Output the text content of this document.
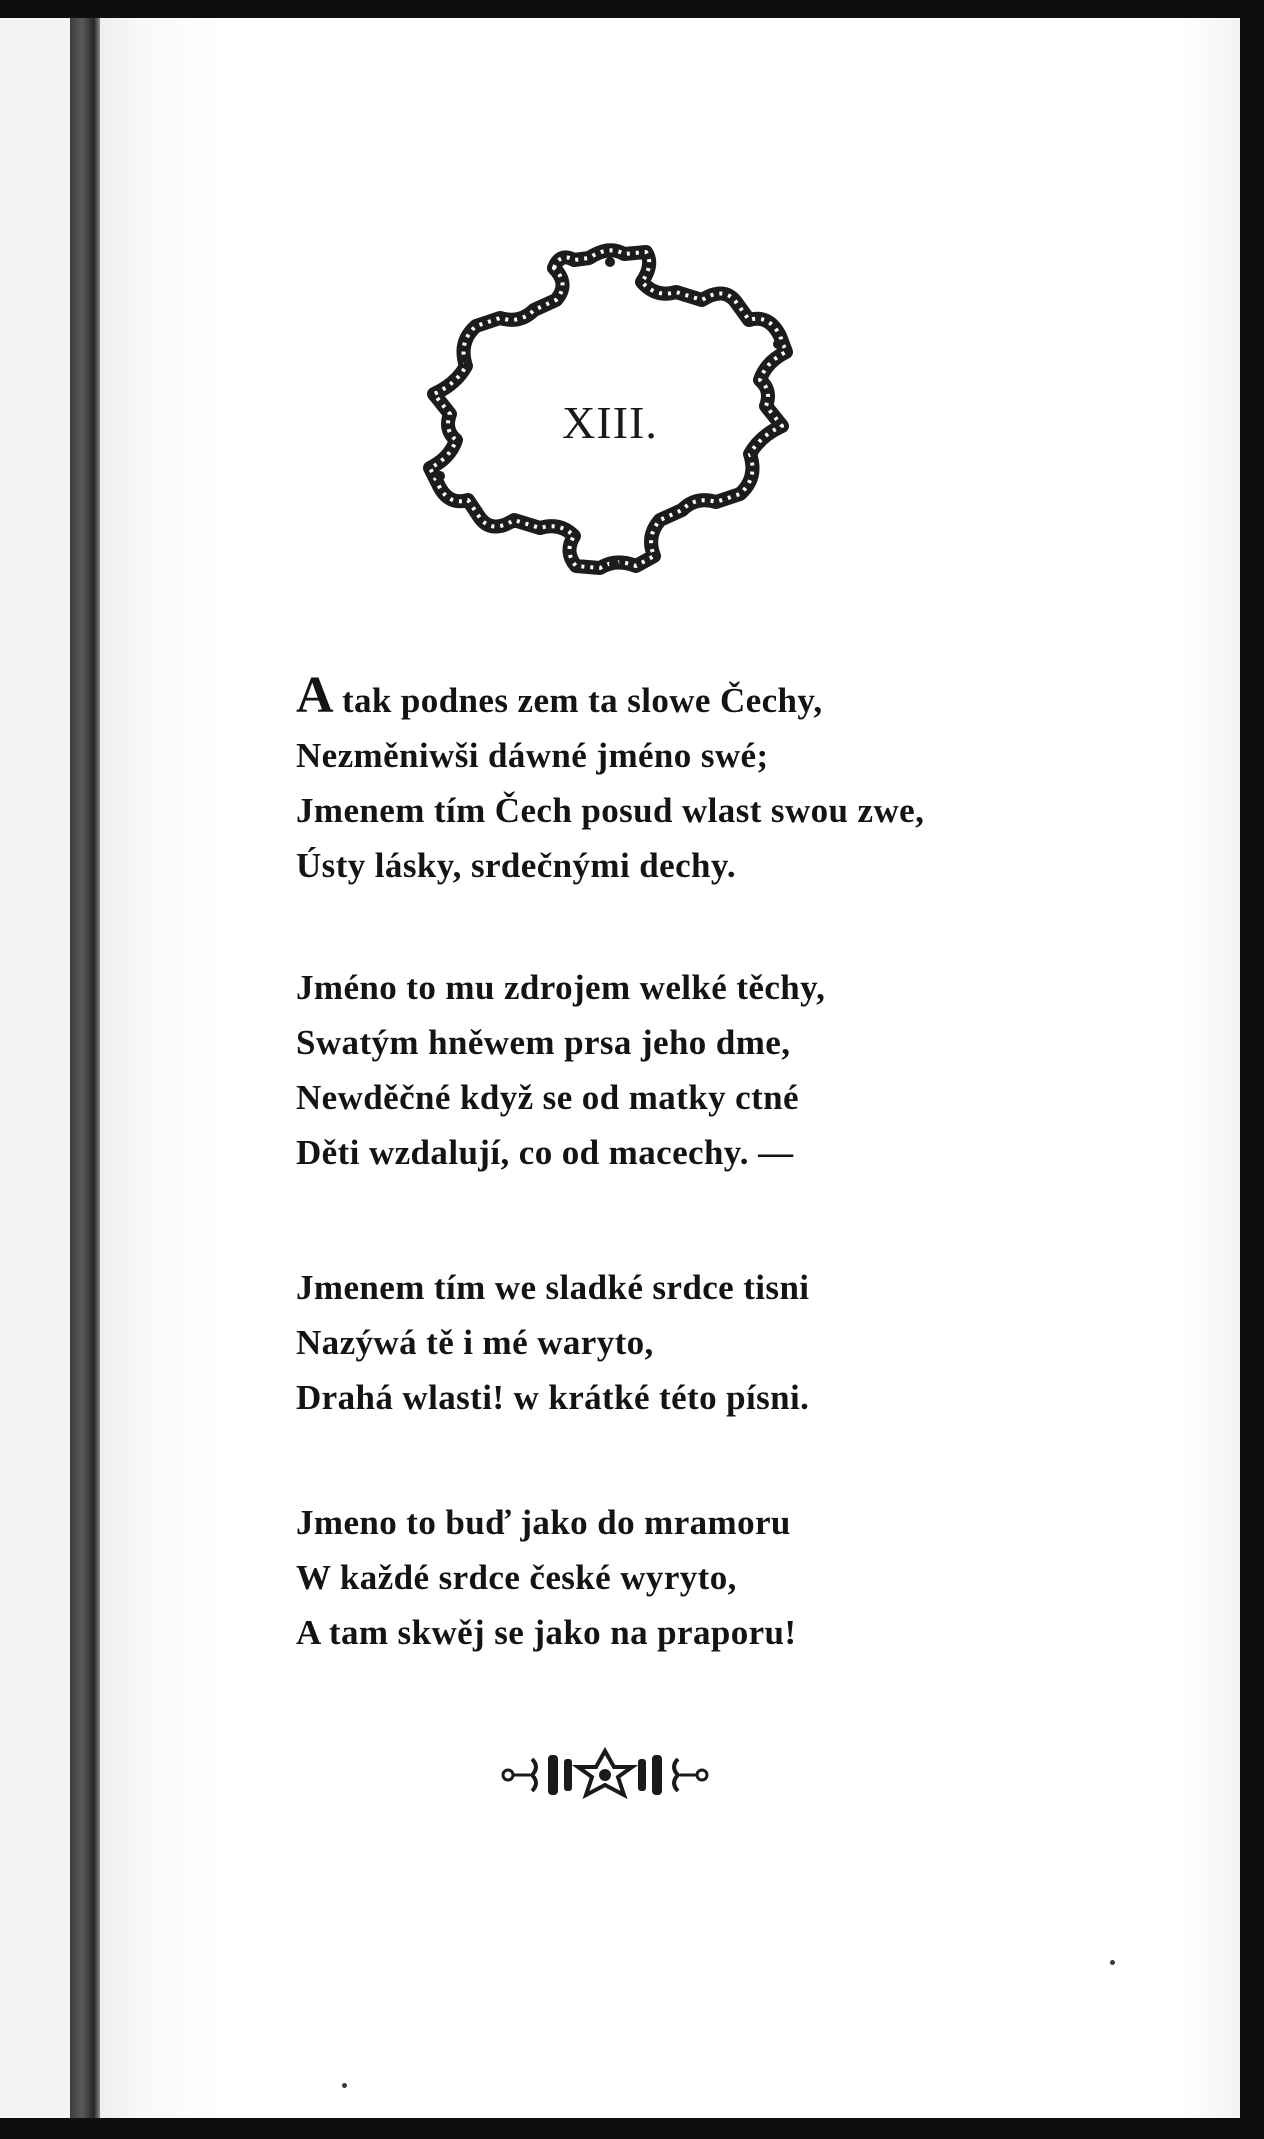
XIII.
A tak podnes zem ta slowe Čechy,
Nezměniwši dáwné jméno swé;
Jmenem tím Čech posud wlast swou zwe,
Ústy lásky, srdečnými dechy.
Jméno to mu zdrojem welké těchy,
Swatým hněwem prsa jeho dme,
Newděčné když se od matky ctné
Děti wzdalují, co od macechy. —
Jmenem tím we sladké srdce tisni
Nazýwá tě i mé waryto,
Drahá wlasti! w krátké této písni.
Jmeno to buď jako do mramoru
W každé srdce české wyryto,
A tam skwěj se jako na praporu!
